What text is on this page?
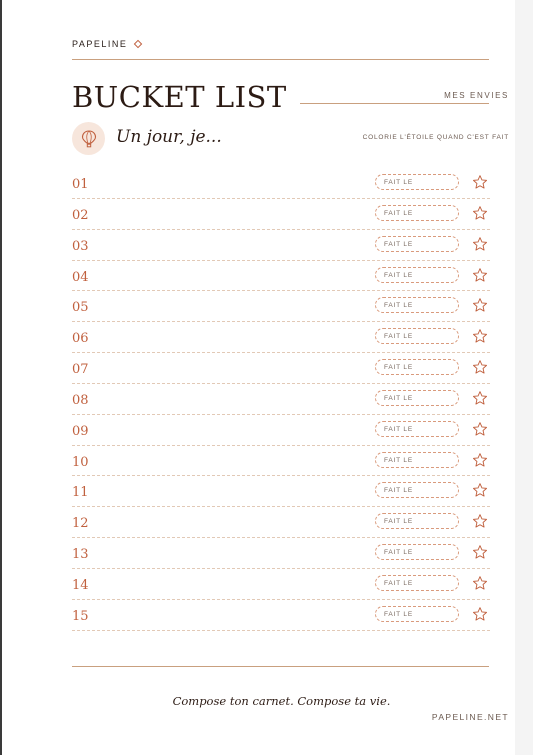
PAPELINE
BUCKET LIST	MES ENVIES
Un jour, je...	COLORIE L'ÉTOILE QUAND C'EST FAIT
01	FAIT LE
02	FAIT LE
03	FAIT LE
04	FAIT LE
05	FAIT LE
06	FAIT LE
07	FAIT LE
08	FAIT LE
09	FAIT LE
10	FAIT LE
11	FAIT LE
12	FAIT LE
13	FAIT LE
14	FAIT LE
15	FAIT LE
Compose ton carnet. Compose ta vie.
PAPELINE.NET
